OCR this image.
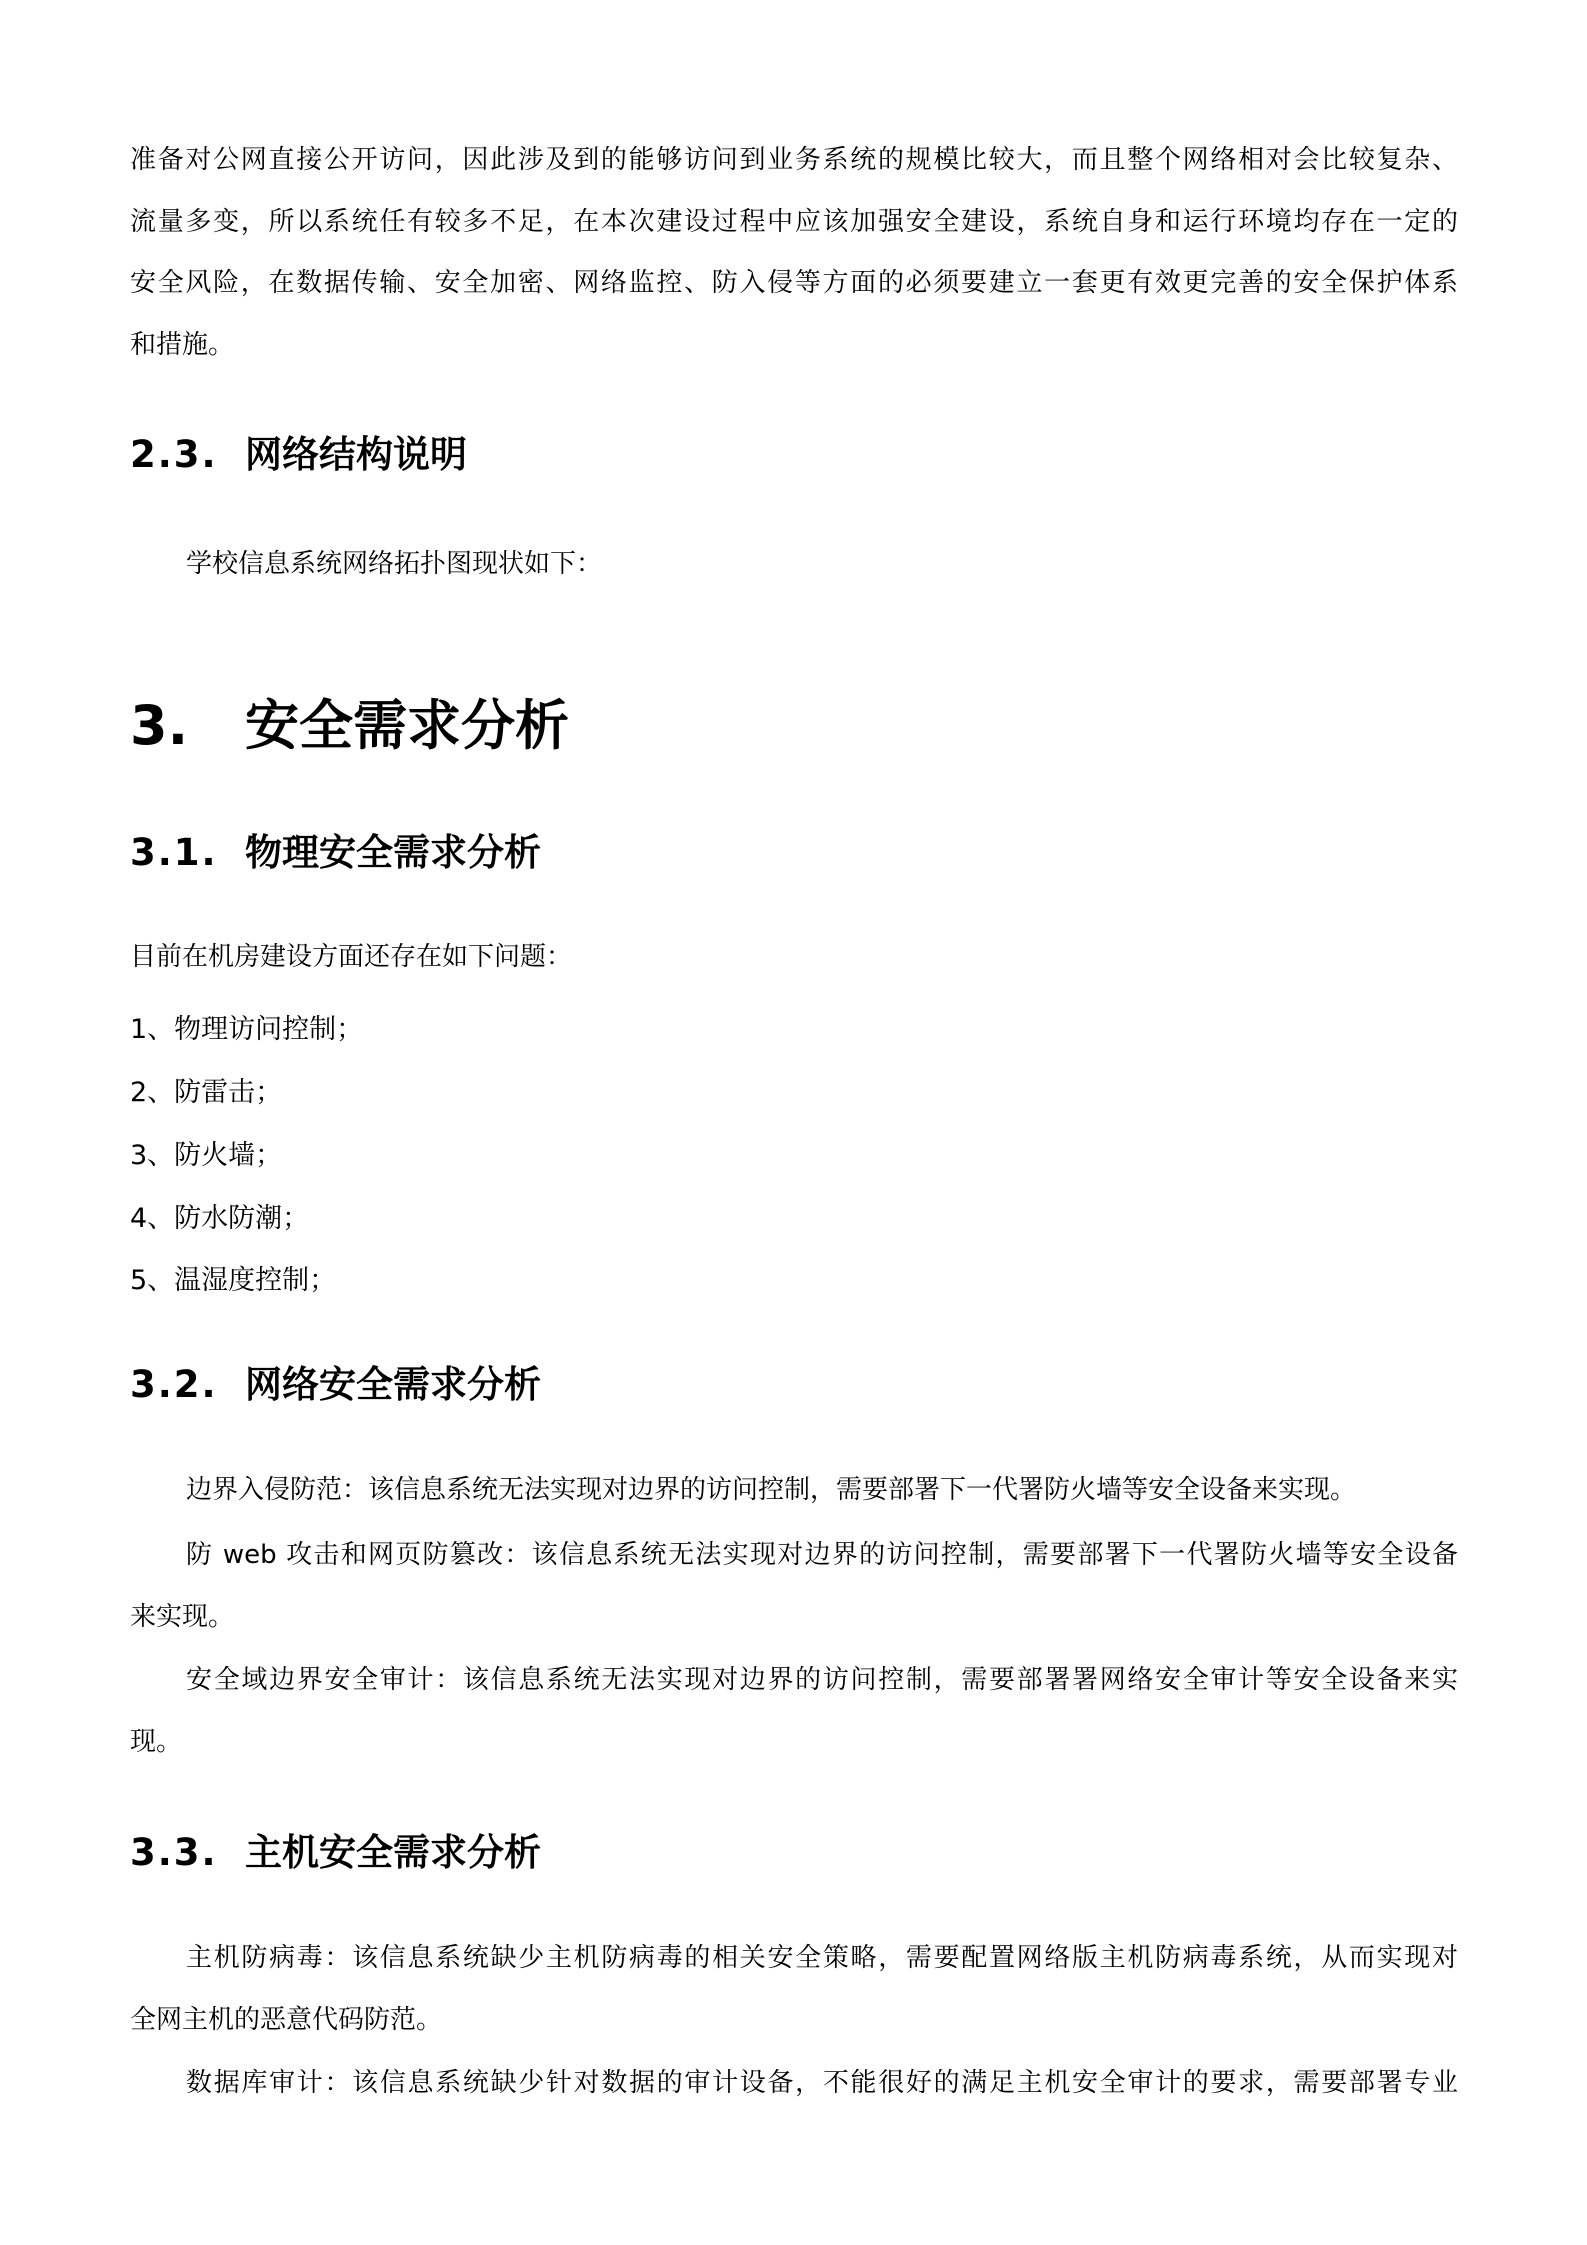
准备对公网直接公开访问，因此涉及到的能够访问到业务系统的规模比较大，而且整个网络相对会比较复杂、
流量多变，所以系统任有较多不足，在本次建设过程中应该加强安全建设，系统自身和运行环境均存在一定的
安全风险，在数据传输、安全加密、网络监控、防入侵等方面的必须要建立一套更有效更完善的安全保护体系
和措施。
2.3. 网络结构说明
学校信息系统网络拓扑图现状如下：
3. 安全需求分析
3.1. 物理安全需求分析
目前在机房建设方面还存在如下问题：
1、物理访问控制；
2、防雷击；
3、防火墙；
4、防水防潮；
5、温湿度控制；
3.2. 网络安全需求分析
边界入侵防范：该信息系统无法实现对边界的访问控制，需要部署下一代署防火墙等安全设备来实现。
防 web 攻击和网页防篡改：该信息系统无法实现对边界的访问控制，需要部署下一代署防火墙等安全设备
来实现。
安全域边界安全审计：该信息系统无法实现对边界的访问控制，需要部署署网络安全审计等安全设备来实
现。
3.3. 主机安全需求分析
主机防病毒：该信息系统缺少主机防病毒的相关安全策略，需要配置网络版主机防病毒系统，从而实现对
全网主机的恶意代码防范。
数据库审计：该信息系统缺少针对数据的审计设备，不能很好的满足主机安全审计的要求，需要部署专业
